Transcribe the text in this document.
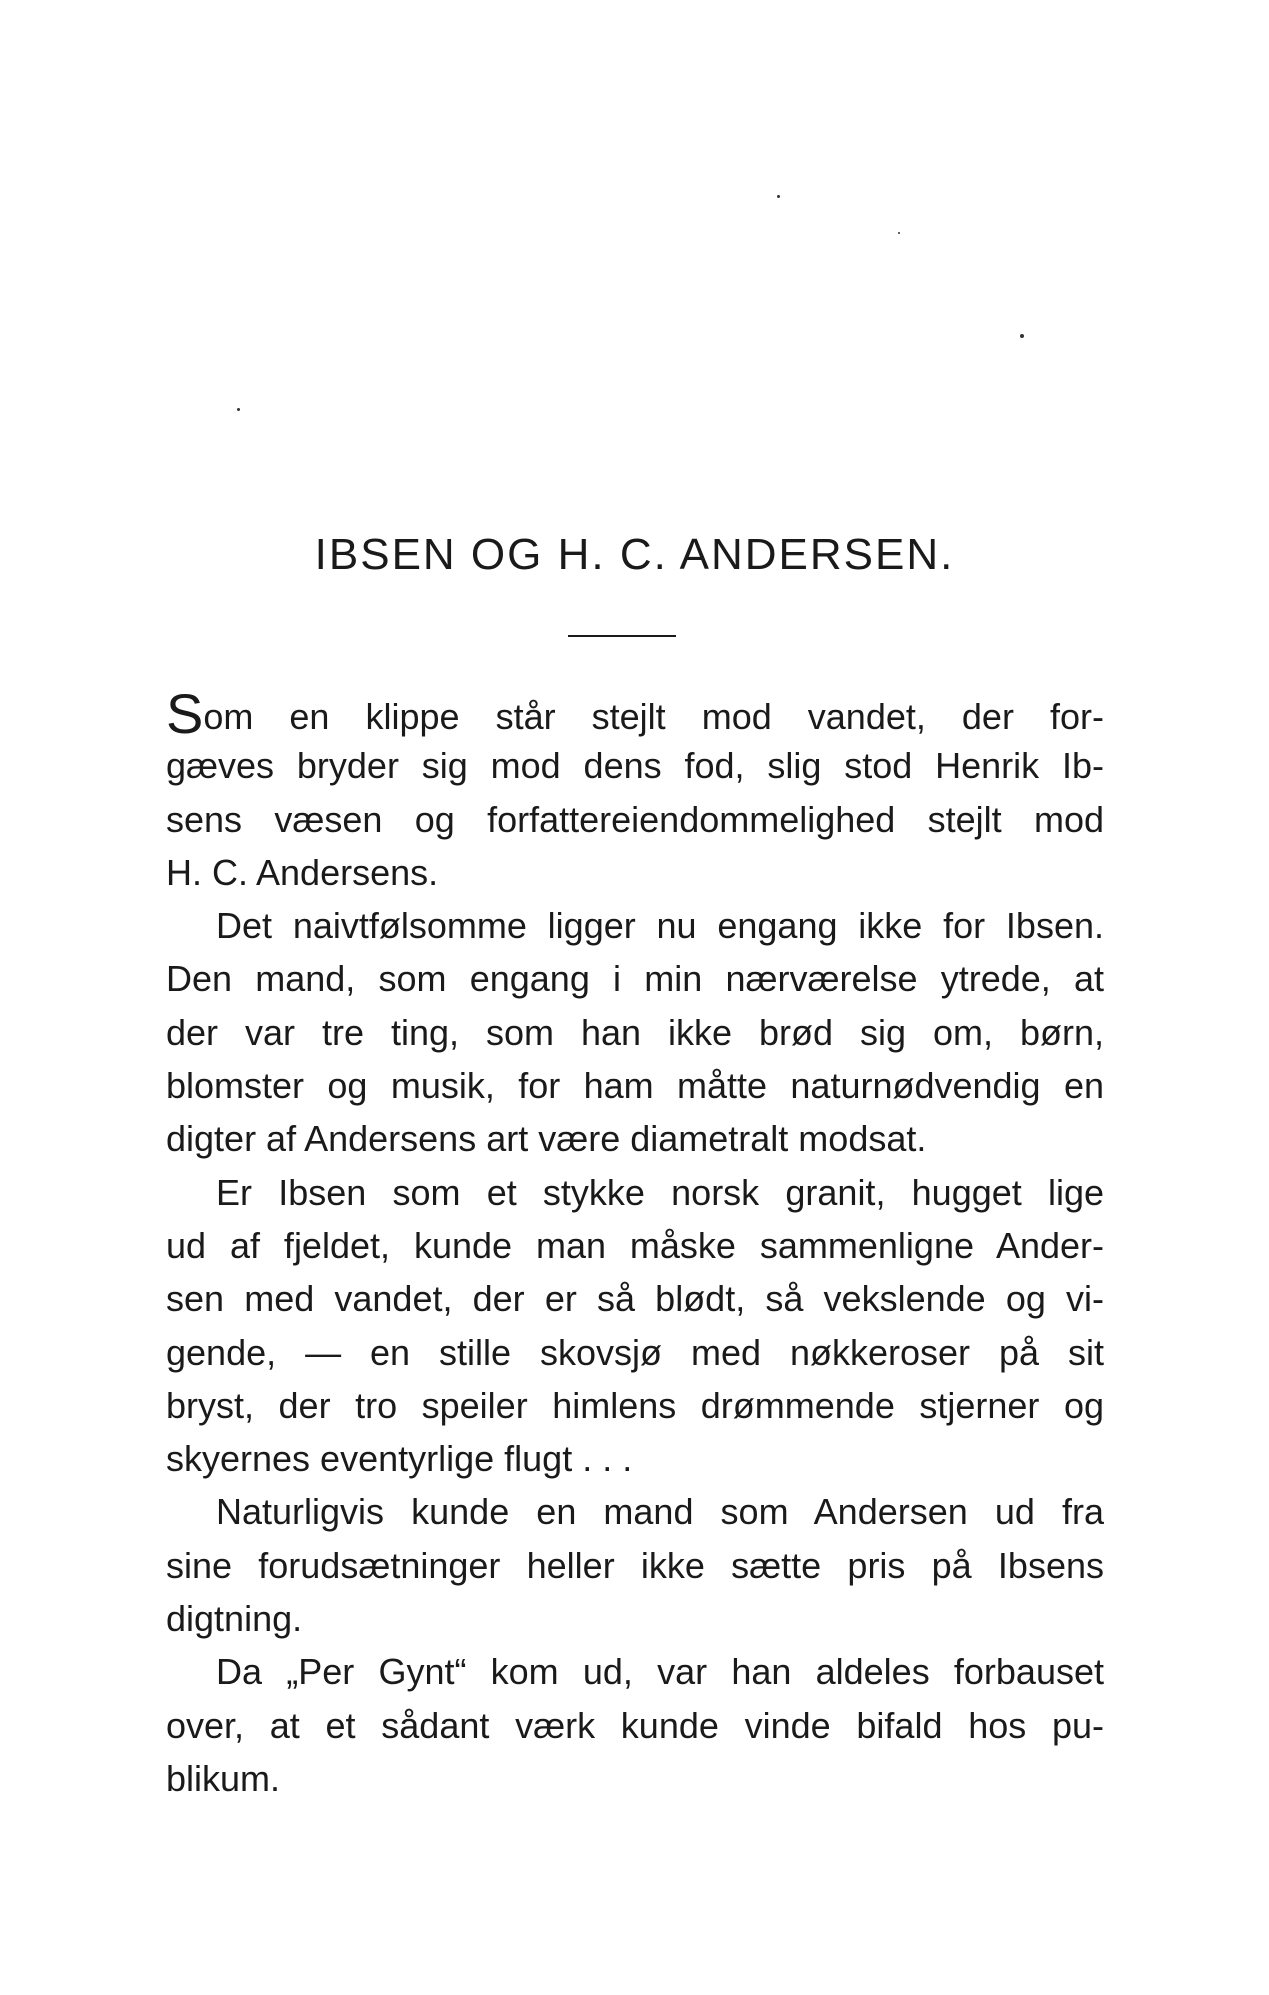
IBSEN OG H. C. ANDERSEN.
Som en klippe står stejlt mod vandet, der for-
gæves bryder sig mod dens fod, slig stod Henrik Ib-
sens væsen og forfattereiendommelighed stejlt mod
H. C. Andersens.
Det naivtfølsomme ligger nu engang ikke for Ibsen.
Den mand, som engang i min nærværelse ytrede, at
der var tre ting, som han ikke brød sig om, børn,
blomster og musik, for ham måtte naturnødvendig en
digter af Andersens art være diametralt modsat.
Er Ibsen som et stykke norsk granit, hugget lige
ud af fjeldet, kunde man måske sammenligne Ander-
sen med vandet, der er så blødt, så vekslende og vi-
gende, — en stille skovsjø med nøkkeroser på sit
bryst, der tro speiler himlens drømmende stjerner og
skyernes eventyrlige flugt . . .
Naturligvis kunde en mand som Andersen ud fra
sine forudsætninger heller ikke sætte pris på Ibsens
digtning.
Da „Per Gynt“ kom ud, var han aldeles forbauset
over, at et sådant værk kunde vinde bifald hos pu-
blikum.
